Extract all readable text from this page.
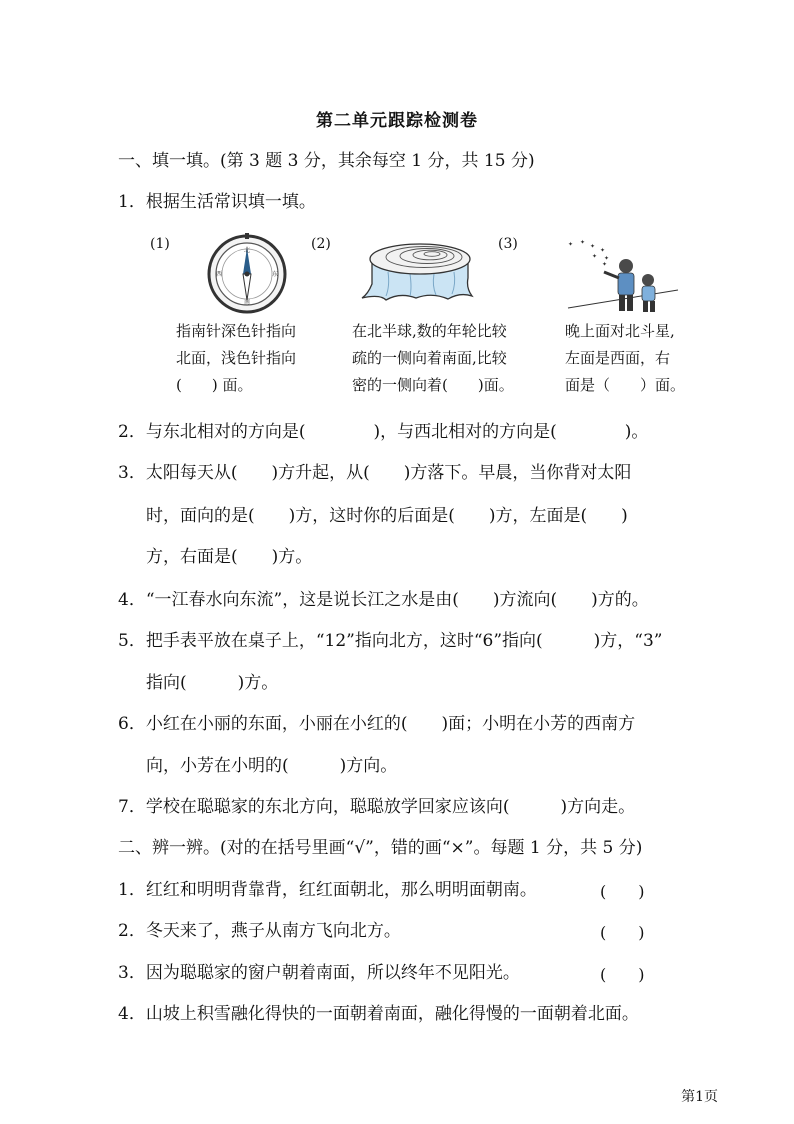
第二单元跟踪检测卷
一、填一填。(第 3 题 3 分，其余每空 1 分，共 15 分)
1．根据生活常识填一填。
(1)	(2)	(3)
北
南
西	东
✦ ✦
✦
✦
✦ ✦
✦
指南针深色针指向
北面，浅色针指向
(　　) 面。
在北半球,数的年轮比较
疏的一侧向着南面,比较
密的一侧向着(　　)面。
晚上面对北斗星,
左面是西面，右
面是（　　）面。
2．与东北相对的方向是(　　　　)，与西北相对的方向是(　　　　)。
3．太阳每天从(　　)方升起，从(　　)方落下。早晨，当你背对太阳
时，面向的是(　　)方，这时你的后面是(　　)方，左面是(　　)
方，右面是(　　)方。
4．“一江春水向东流”，这是说长江之水是由(　　)方流向(　　)方的。
5．把手表平放在桌子上，“12”指向北方，这时“6”指向(　　　)方，“3”
指向(　　　)方。
6．小红在小丽的东面，小丽在小红的(　　)面；小明在小芳的西南方
向，小芳在小明的(　　　)方向。
7．学校在聪聪家的东北方向，聪聪放学回家应该向(　　　)方向走。
二、辨一辨。(对的在括号里画“√”，错的画“×”。每题 1 分，共 5 分)
1．红红和明明背靠背，红红面朝北，那么明明面朝南。	(　　)
2．冬天来了，燕子从南方飞向北方。	(　　)
3．因为聪聪家的窗户朝着南面，所以终年不见阳光。	(　　)
4．山坡上积雪融化得快的一面朝着南面，融化得慢的一面朝着北面。
第1页
